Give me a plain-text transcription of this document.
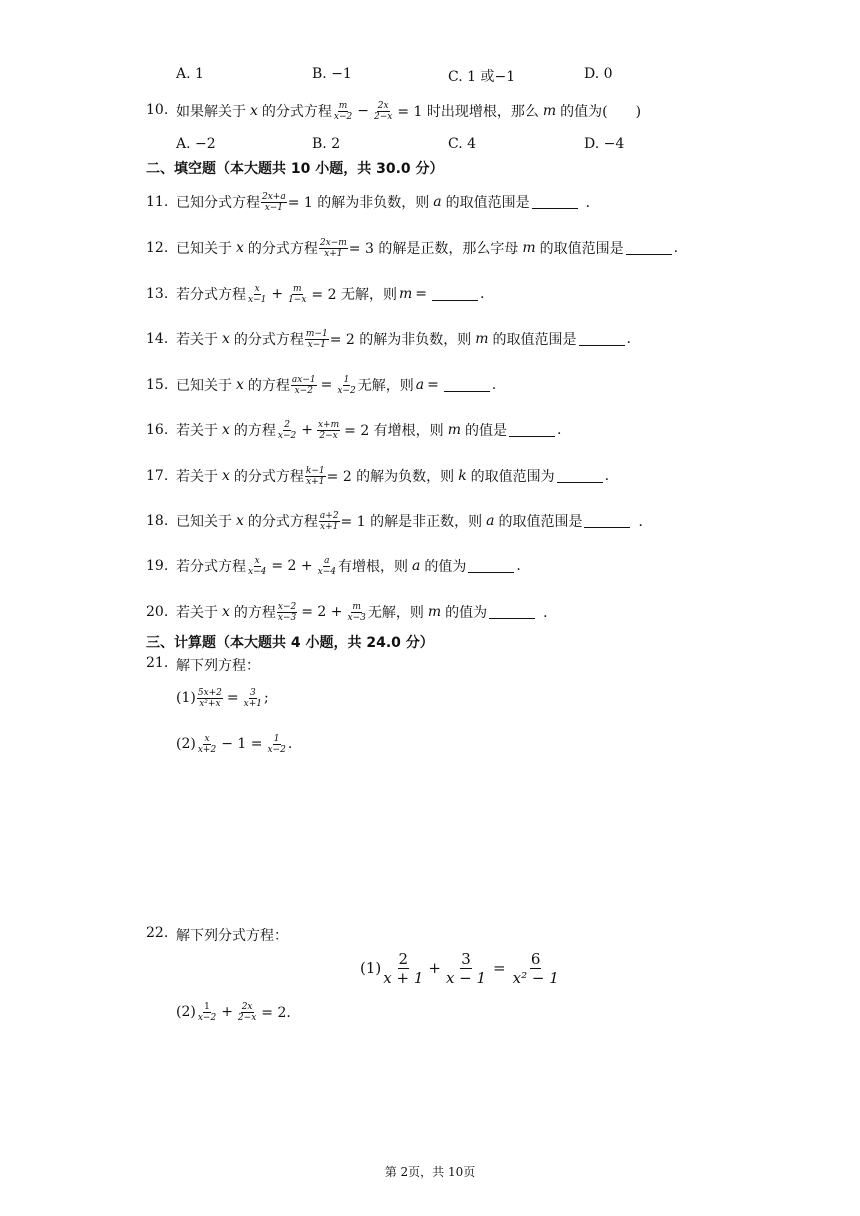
A. 1	B. −1	C. 1 或−1	D. 0
10. 如果解关于 x 的分式方程 $\frac{m}{x-2} - \frac{2x}{2-x} = 1$ 时出现增根，那么 m 的值为(　　)
A. −2	B. 2	C. 4	D. −4
二、填空题（本大题共 10 小题，共 30.0 分）
11. 已知分式方程 $\frac{2x+a}{x-1} = 1$ 的解为非负数，则 a 的取值范围是	．
12. 已知关于 x 的分式方程 $\frac{2x-m}{x+1} = 3$ 的解是正数，那么字母 m 的取值范围是	.
13. 若分式方程 $\frac{x}{x-1} + \frac{m}{1-x} = 2$ 无解，则 m =	.
14. 若关于 x 的分式方程 $\frac{m-1}{x-1} = 2$ 的解为非负数，则 m 的取值范围是	.
15. 已知关于 x 的方程 $\frac{ax-1}{x-2} = \frac{1}{x-2}$ 无解，则 a =	.
16. 若关于 x 的方程 $\frac{2}{x-2} + \frac{x+m}{2-x} = 2$ 有增根，则 m 的值是	.
17. 若关于 x 的分式方程 $\frac{k-1}{x+1} = 2$ 的解为负数，则 k 的取值范围为	.
18. 已知关于 x 的分式方程 $\frac{a+2}{x+1} = 1$ 的解是非正数，则 a 的取值范围是	．
19. 若分式方程 $\frac{x}{x-4} = 2 + \frac{a}{x-4}$ 有增根，则 a 的值为	.
20. 若关于 x 的方程 $\frac{x-2}{x-3} = 2 + \frac{m}{x-3}$ 无解，则 m 的值为	．
三、计算题（本大题共 4 小题，共 24.0 分）
21. 解下列方程：
$(1) \frac{5x+2}{\text{x²+x}} = \frac{3}{x+1}$ ;
$(2) \frac{x}{x+2} - 1 = \frac{1}{x-2}$ .
22. 解下列分式方程：
$(1) \frac{2}{x + 1} + \frac{3}{x - 1} = \frac{6}{\text{x² − 1}}$
$(2) \frac{1}{x-2} + \frac{2x}{2-x} = 2$．
第 2页，共 10页
